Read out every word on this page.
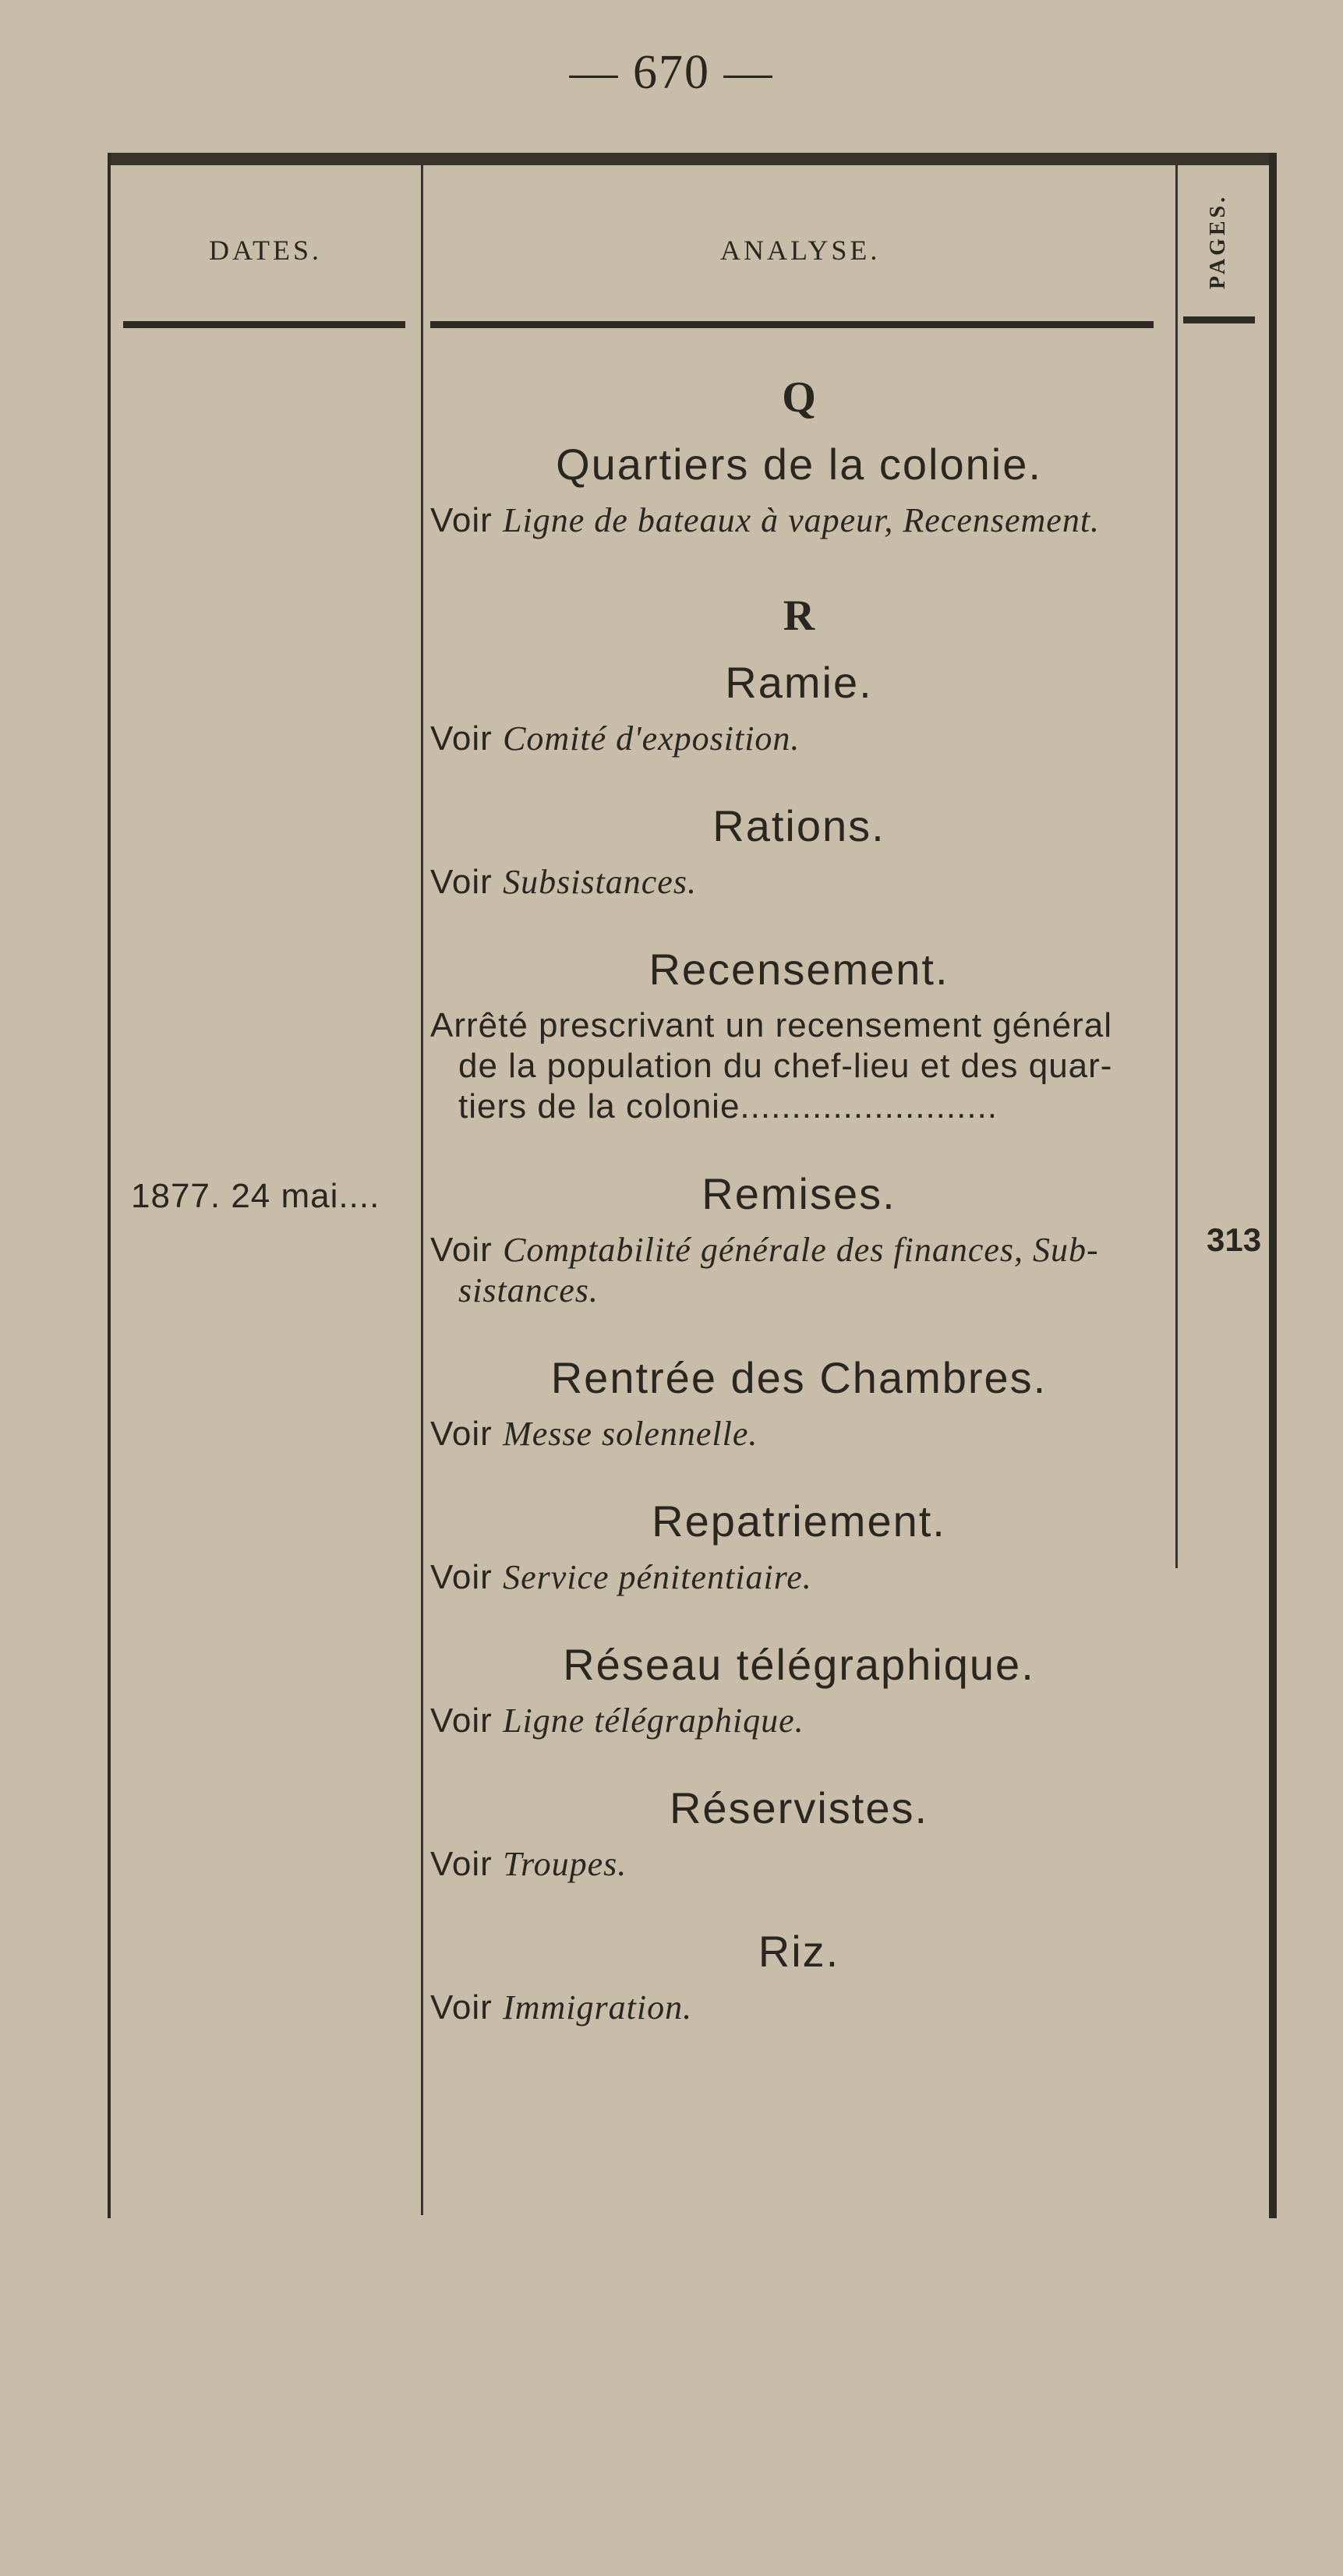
— 670 —
DATES.	ANALYSE.	PAGES.
1877. 24 mai....
313

Q

Quartiers de la colonie.

Voir Ligne de bateaux à vapeur, Recensement.

R

Ramie.

Voir Comité d'exposition.

Rations.

Voir Subsistances.

Recensement.

Arrêté prescrivant un recensement général
de la population du chef-lieu et des quar-
tiers de la colonie.........................

Remises.

Voir Comptabilité générale des finances, Sub-
sistances.

Rentrée des Chambres.

Voir Messe solennelle.

Repatriement.

Voir Service pénitentiaire.

Réseau télégraphique.

Voir Ligne télégraphique.

Réservistes.

Voir Troupes.

Riz.

Voir Immigration.
